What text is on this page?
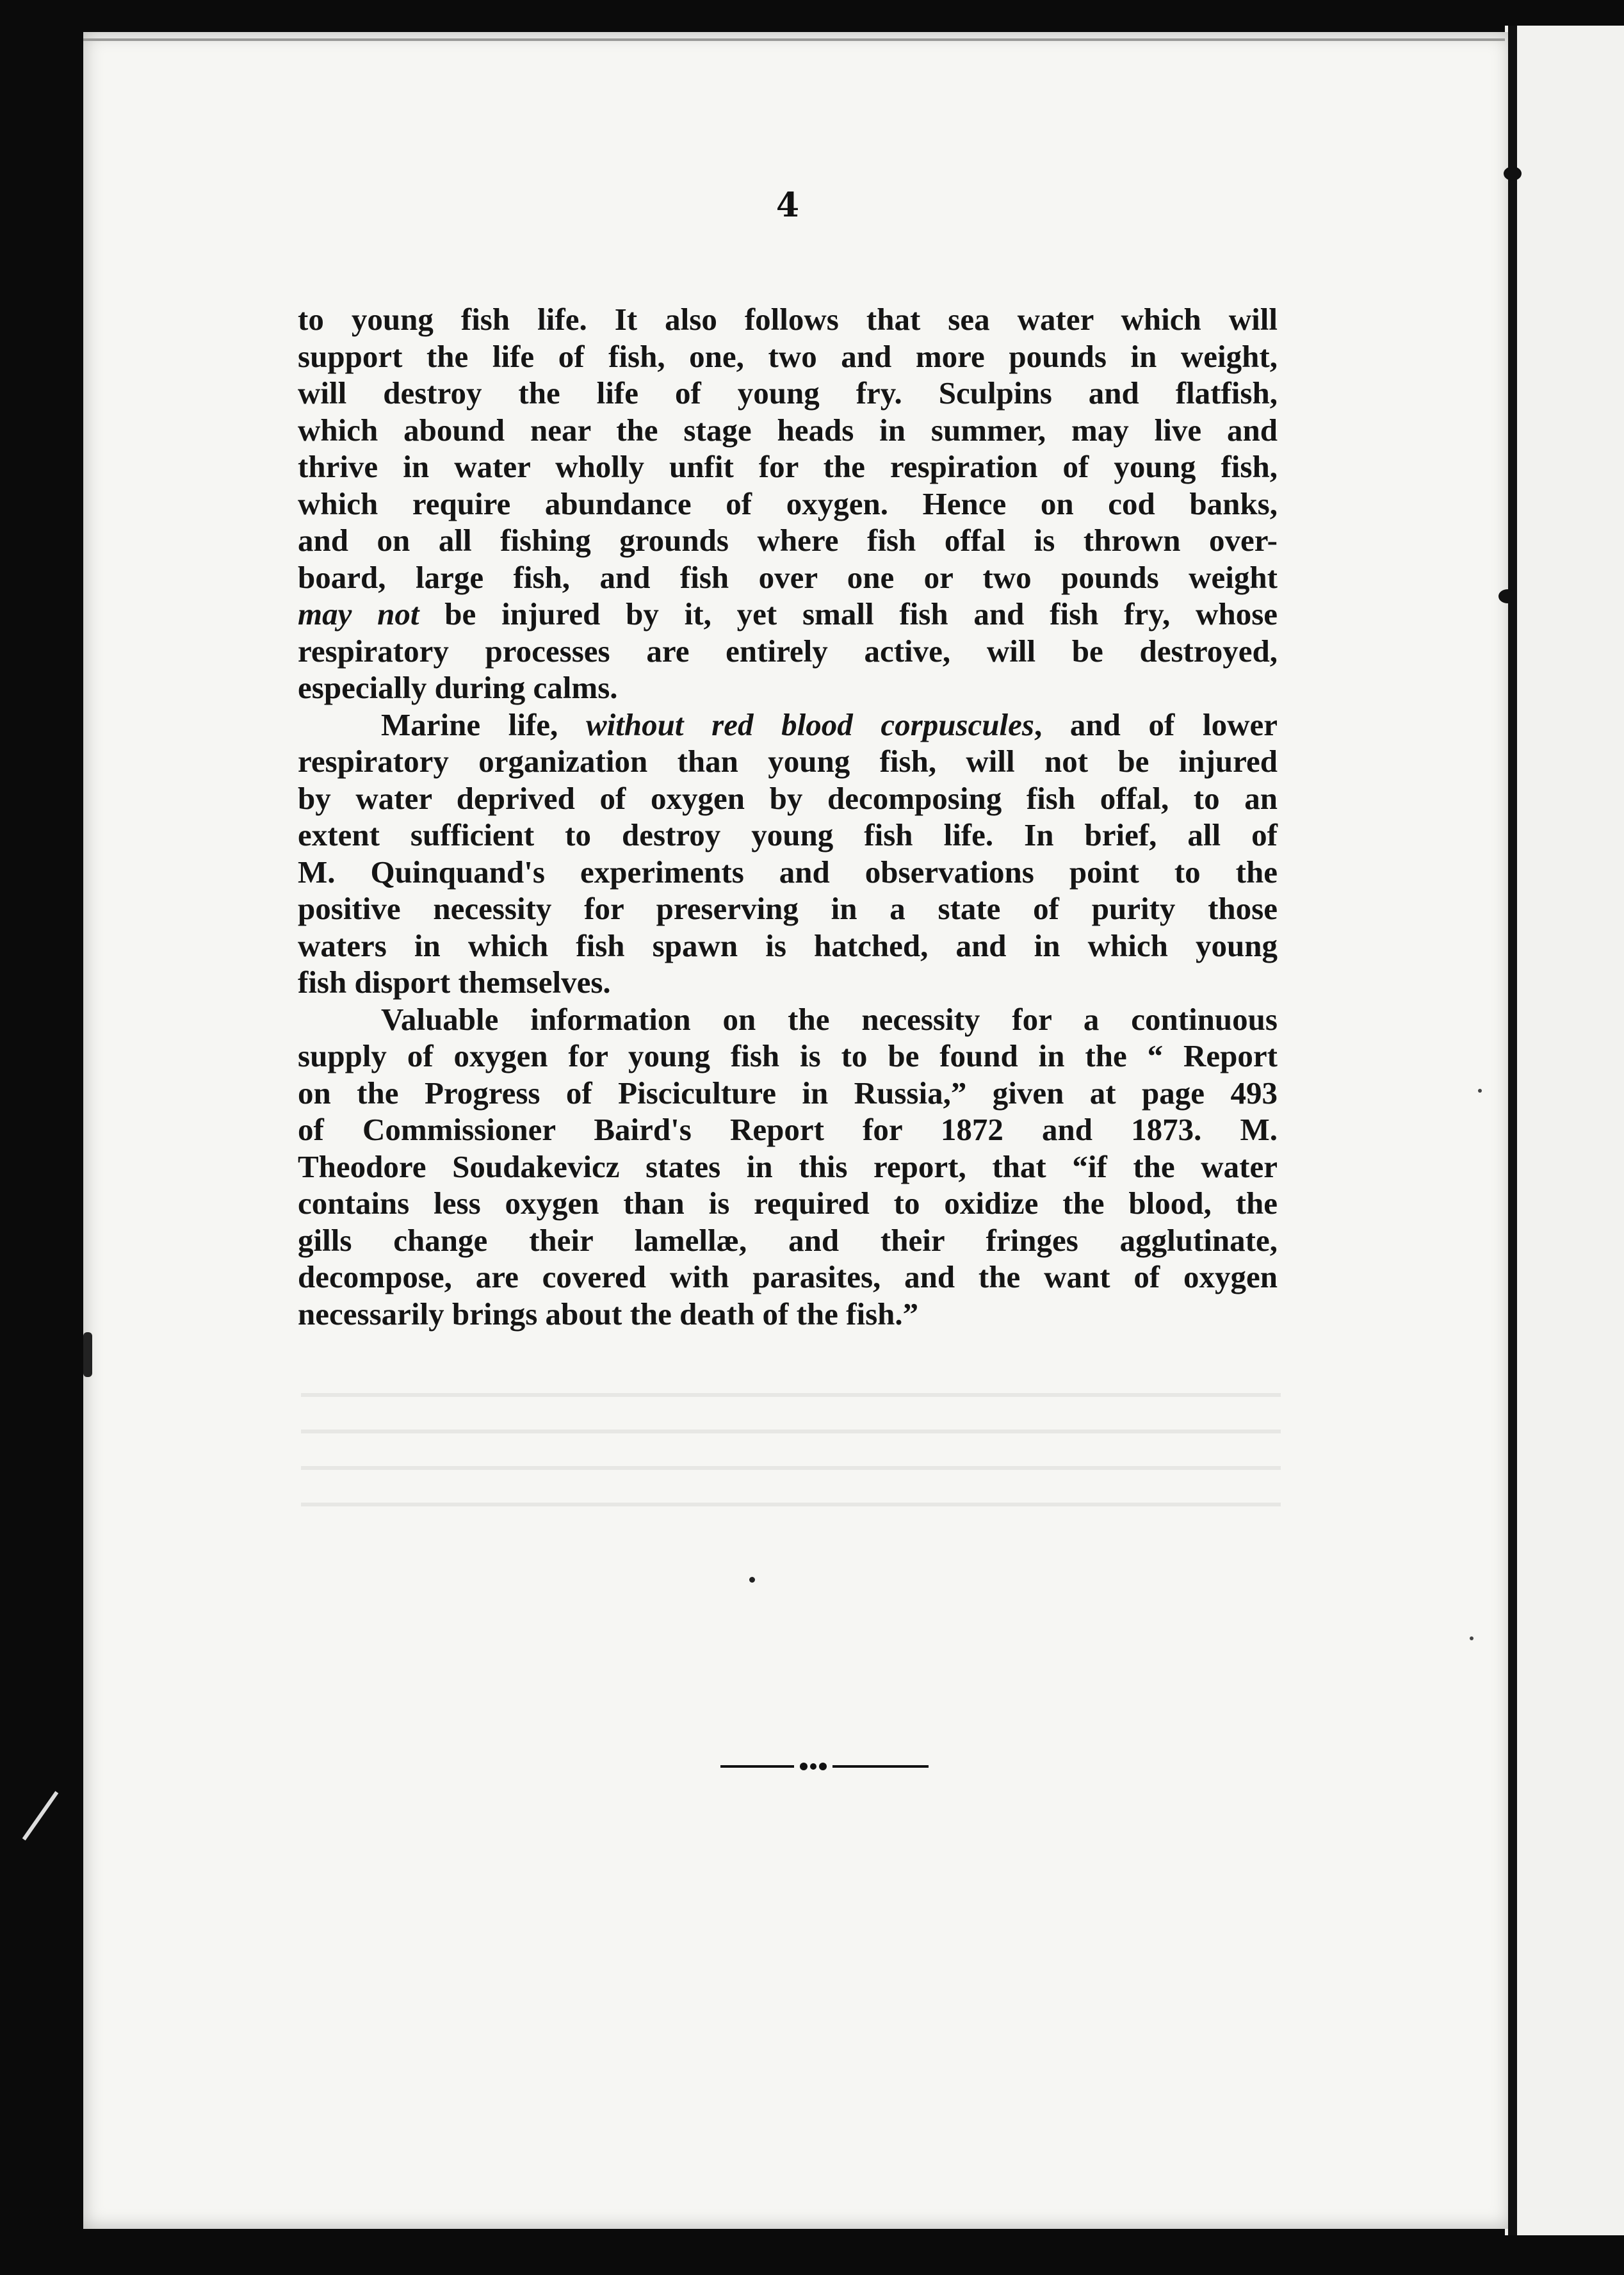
4

to young fish life. It also follows that sea water which will
support the life of fish, one, two and more pounds in weight,
will destroy the life of young fry. Sculpins and flatfish,
which abound near the stage heads in summer, may live and
thrive in water wholly unfit for the respiration of young fish,
which require abundance of oxygen. Hence on cod banks,
and on all fishing grounds where fish offal is thrown over-
board, large fish, and fish over one or two pounds weight
may not be injured by it, yet small fish and fish fry, whose
respiratory processes are entirely active, will be destroyed,
especially during calms.

Marine life, without red blood corpuscules, and of lower
respiratory organization than young fish, will not be injured
by water deprived of oxygen by decomposing fish offal, to an
extent sufficient to destroy young fish life. In brief, all of
M. Quinquand's experiments and observations point to the
positive necessity for preserving in a state of purity those
waters in which fish spawn is hatched, and in which young
fish disport themselves.

Valuable information on the necessity for a continuous
supply of oxygen for young fish is to be found in the “ Report
on the Progress of Pisciculture in Russia,” given at page 493
of Commissioner Baird's Report for 1872 and 1873. M.
Theodore Soudakevicz states in this report, that “if the water
contains less oxygen than is required to oxidize the blood, the
gills change their lamellæ, and their fringes agglutinate,
decompose, are covered with parasites, and the want of oxygen
necessarily brings about the death of the fish.”
